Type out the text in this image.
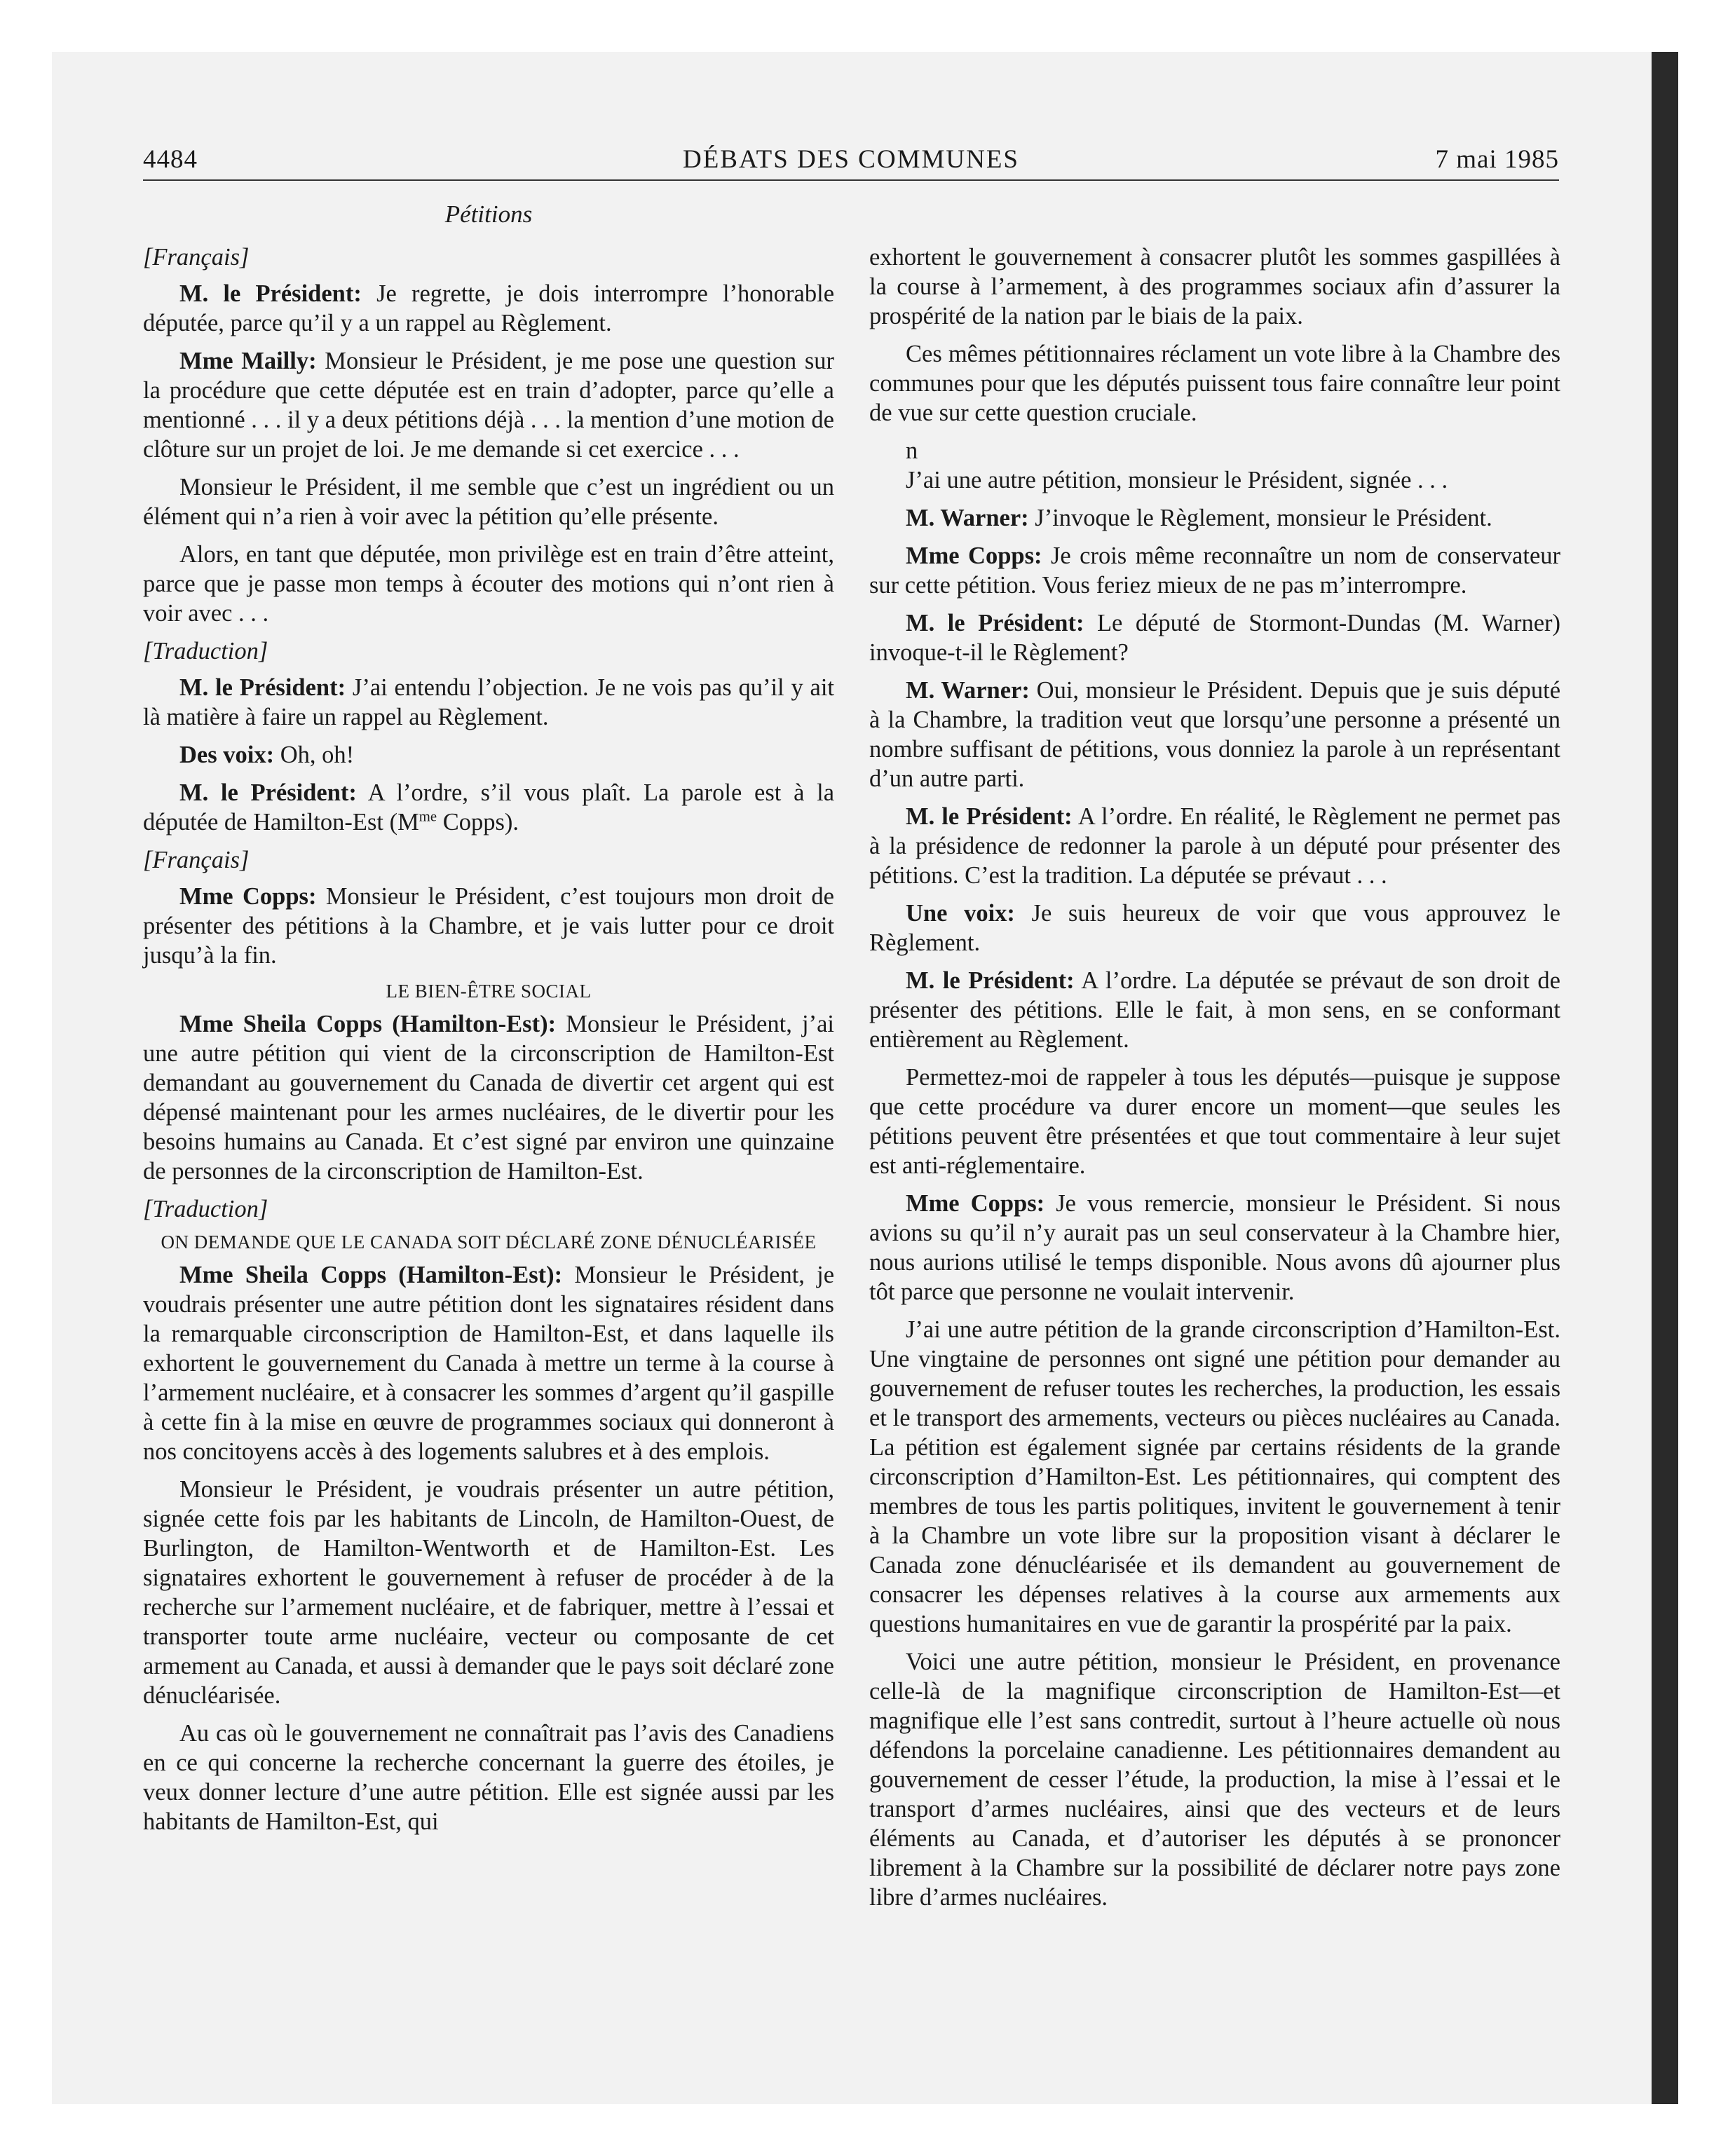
4484	DÉBATS DES COMMUNES	7 mai 1985
Pétitions

[Français]

M. le Président: Je regrette, je dois interrompre l’honorable députée, parce qu’il y a un rappel au Règlement.

Mme Mailly: Monsieur le Président, je me pose une question sur la procédure que cette députée est en train d’adopter, parce qu’elle a mentionné . . . il y a deux pétitions déjà . . . la mention d’une motion de clôture sur un projet de loi. Je me demande si cet exercice . . .

Monsieur le Président, il me semble que c’est un ingrédient ou un élément qui n’a rien à voir avec la pétition qu’elle présente.

Alors, en tant que députée, mon privilège est en train d’être atteint, parce que je passe mon temps à écouter des motions qui n’ont rien à voir avec . . .

[Traduction]

M. le Président: J’ai entendu l’objection. Je ne vois pas qu’il y ait là matière à faire un rappel au Règlement.

Des voix: Oh, oh!

M. le Président: A l’ordre, s’il vous plaît. La parole est à la députée de Hamilton-Est ($M^{me}$ Copps).

[Français]

Mme Copps: Monsieur le Président, c’est toujours mon droit de présenter des pétitions à la Chambre, et je vais lutter pour ce droit jusqu’à la fin.

LE BIEN-ÊTRE SOCIAL

Mme Sheila Copps (Hamilton-Est): Monsieur le Président, j’ai une autre pétition qui vient de la circonscription de Hamilton-Est demandant au gouvernement du Canada de divertir cet argent qui est dépensé maintenant pour les armes nucléaires, de le divertir pour les besoins humains au Canada. Et c’est signé par environ une quinzaine de personnes de la circonscription de Hamilton-Est.

[Traduction]

ON DEMANDE QUE LE CANADA SOIT DÉCLARÉ ZONE DÉNUCLÉARISÉE

Mme Sheila Copps (Hamilton-Est): Monsieur le Président, je voudrais présenter une autre pétition dont les signataires résident dans la remarquable circonscription de Hamilton-Est, et dans laquelle ils exhortent le gouvernement du Canada à mettre un terme à la course à l’armement nucléaire, et à consacrer les sommes d’argent qu’il gaspille à cette fin à la mise en œuvre de programmes sociaux qui donneront à nos concitoyens accès à des logements salubres et à des emplois.

Monsieur le Président, je voudrais présenter un autre pétition, signée cette fois par les habitants de Lincoln, de Hamilton-Ouest, de Burlington, de Hamilton-Wentworth et de Hamilton-Est. Les signataires exhortent le gouvernement à refuser de procéder à de la recherche sur l’armement nucléaire, et de fabriquer, mettre à l’essai et transporter toute arme nucléaire, vecteur ou composante de cet armement au Canada, et aussi à demander que le pays soit déclaré zone dénucléarisée.

Au cas où le gouvernement ne connaîtrait pas l’avis des Canadiens en ce qui concerne la recherche concernant la guerre des étoiles, je veux donner lecture d’une autre pétition. Elle est signée aussi par les habitants de Hamilton-Est, qui

exhortent le gouvernement à consacrer plutôt les sommes gaspillées à la course à l’armement, à des programmes sociaux afin d’assurer la prospérité de la nation par le biais de la paix.

Ces mêmes pétitionnaires réclament un vote libre à la Chambre des communes pour que les députés puissent tous faire connaître leur point de vue sur cette question cruciale.

n

J’ai une autre pétition, monsieur le Président, signée . . .

M. Warner: J’invoque le Règlement, monsieur le Président.

Mme Copps: Je crois même reconnaître un nom de conservateur sur cette pétition. Vous feriez mieux de ne pas m’interrompre.

M. le Président: Le député de Stormont-Dundas (M. Warner) invoque-t-il le Règlement?

M. Warner: Oui, monsieur le Président. Depuis que je suis député à la Chambre, la tradition veut que lorsqu’une personne a présenté un nombre suffisant de pétitions, vous donniez la parole à un représentant d’un autre parti.

M. le Président: A l’ordre. En réalité, le Règlement ne permet pas à la présidence de redonner la parole à un député pour présenter des pétitions. C’est la tradition. La députée se prévaut . . .

Une voix: Je suis heureux de voir que vous approuvez le Règlement.

M. le Président: A l’ordre. La députée se prévaut de son droit de présenter des pétitions. Elle le fait, à mon sens, en se conformant entièrement au Règlement.

Permettez-moi de rappeler à tous les députés—puisque je suppose que cette procédure va durer encore un moment—que seules les pétitions peuvent être présentées et que tout commentaire à leur sujet est anti-réglementaire.

Mme Copps: Je vous remercie, monsieur le Président. Si nous avions su qu’il n’y aurait pas un seul conservateur à la Chambre hier, nous aurions utilisé le temps disponible. Nous avons dû ajourner plus tôt parce que personne ne voulait intervenir.

J’ai une autre pétition de la grande circonscription d’Hamilton-Est. Une vingtaine de personnes ont signé une pétition pour demander au gouvernement de refuser toutes les recherches, la production, les essais et le transport des armements, vecteurs ou pièces nucléaires au Canada. La pétition est également signée par certains résidents de la grande circonscription d’Hamilton-Est. Les pétitionnaires, qui comptent des membres de tous les partis politiques, invitent le gouvernement à tenir à la Chambre un vote libre sur la proposition visant à déclarer le Canada zone dénucléarisée et ils demandent au gouvernement de consacrer les dépenses relatives à la course aux armements aux questions humanitaires en vue de garantir la prospérité par la paix.

Voici une autre pétition, monsieur le Président, en provenance celle-là de la magnifique circonscription de Hamilton-Est—et magnifique elle l’est sans contredit, surtout à l’heure actuelle où nous défendons la porcelaine canadienne. Les pétitionnaires demandent au gouvernement de cesser l’étude, la production, la mise à l’essai et le transport d’armes nucléaires, ainsi que des vecteurs et de leurs éléments au Canada, et d’autoriser les députés à se prononcer librement à la Chambre sur la possibilité de déclarer notre pays zone libre d’armes nucléaires.
